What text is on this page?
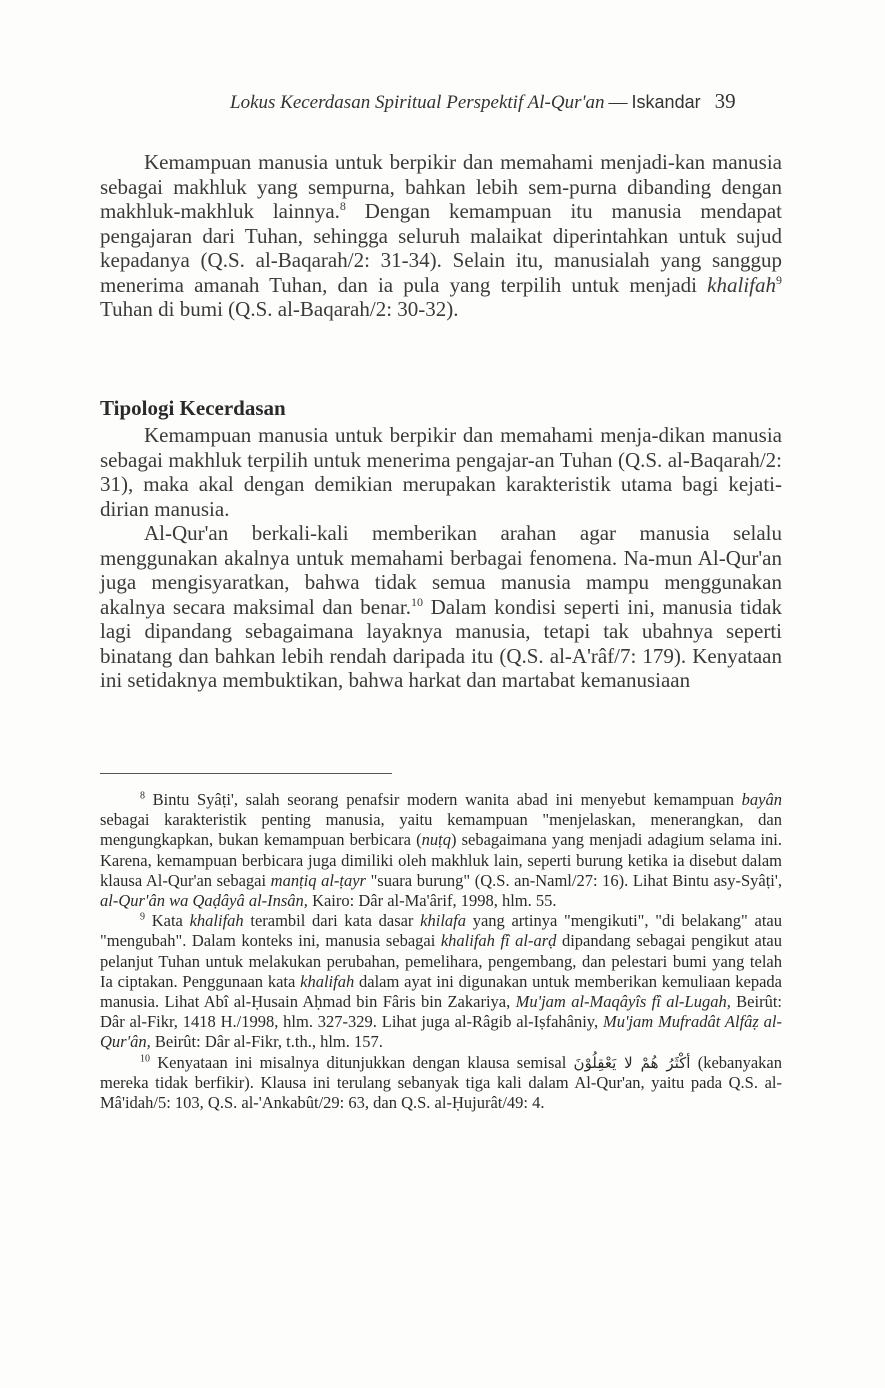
Lokus Kecerdasan Spiritual Perspektif Al-Qur'an — Iskandar 39

Kemampuan manusia untuk berpikir dan memahami menjadi-kan manusia sebagai makhluk yang sempurna, bahkan lebih sem-purna dibanding dengan makhluk-makhluk lainnya.$^8$ Dengan kemampuan itu manusia mendapat pengajaran dari Tuhan, sehingga seluruh malaikat diperintahkan untuk sujud kepadanya (Q.S. al-Baqarah/2: 31-34). Selain itu, manusialah yang sanggup menerima amanah Tuhan, dan ia pula yang terpilih untuk menjadi khalifah$^9$ Tuhan di bumi (Q.S. al-Baqarah/2: 30-32).

Tipologi Kecerdasan

Kemampuan manusia untuk berpikir dan memahami menja-dikan manusia sebagai makhluk terpilih untuk menerima pengajar-an Tuhan (Q.S. al-Baqarah/2: 31), maka akal dengan demikian merupakan karakteristik utama bagi kejati-dirian manusia.

Al-Qur'an berkali-kali memberikan arahan agar manusia selalu menggunakan akalnya untuk memahami berbagai fenomena. Na-mun Al-Qur'an juga mengisyaratkan, bahwa tidak semua manusia mampu menggunakan akalnya secara maksimal dan benar.$^{10}$ Dalam kondisi seperti ini, manusia tidak lagi dipandang sebagaimana layaknya manusia, tetapi tak ubahnya seperti binatang dan bahkan lebih rendah daripada itu (Q.S. al-A'râf/7: 179). Kenyataan ini setidaknya membuktikan, bahwa harkat dan martabat kemanusiaan

$^8$ Bintu Syâṭi', salah seorang penafsir modern wanita abad ini menyebut kemampuan bayân sebagai karakteristik penting manusia, yaitu kemampuan "menjelaskan, menerangkan, dan mengungkapkan, bukan kemampuan berbicara (nuṭq) sebagaimana yang menjadi adagium selama ini. Karena, kemampuan berbicara juga dimiliki oleh makhluk lain, seperti burung ketika ia disebut dalam klausa Al-Qur'an sebagai manṭiq al-ṭayr "suara burung" (Q.S. an-Naml/27: 16). Lihat Bintu asy-Syâṭi', al-Qur'ân wa Qaḍâyâ al-Insân, Kairo: Dâr al-Ma'ârif, 1998, hlm. 55.

$^9$ Kata khalifah terambil dari kata dasar khilafa yang artinya "mengikuti", "di belakang" atau "mengubah". Dalam konteks ini, manusia sebagai khalifah fî al-arḍ dipandang sebagai pengikut atau pelanjut Tuhan untuk melakukan perubahan, pemelihara, pengembang, dan pelestari bumi yang telah Ia ciptakan. Penggunaan kata khalifah dalam ayat ini digunakan untuk memberikan kemuliaan kepada manusia. Lihat Abî al-Ḥusain Aḥmad bin Fâris bin Zakariya, Mu'jam al-Maqâyîs fî al-Lugah, Beirût: Dâr al-Fikr, 1418 H./1998, hlm. 327-329. Lihat juga al-Râgib al-Iṣfahâniy, Mu'jam Mufradât Alfâẓ al-Qur'ân, Beirût: Dâr al-Fikr, t.th., hlm. 157.

$^{10}$ Kenyataan ini misalnya ditunjukkan dengan klausa semisal أكْثَرُ هُمْ لا يَعْقِلُوْنَ (kebanyakan mereka tidak berfikir). Klausa ini terulang sebanyak tiga kali dalam Al-Qur'an, yaitu pada Q.S. al-Mâ'idah/5: 103, Q.S. al-'Ankabût/29: 63, dan Q.S. al-Ḥujurât/49: 4.
